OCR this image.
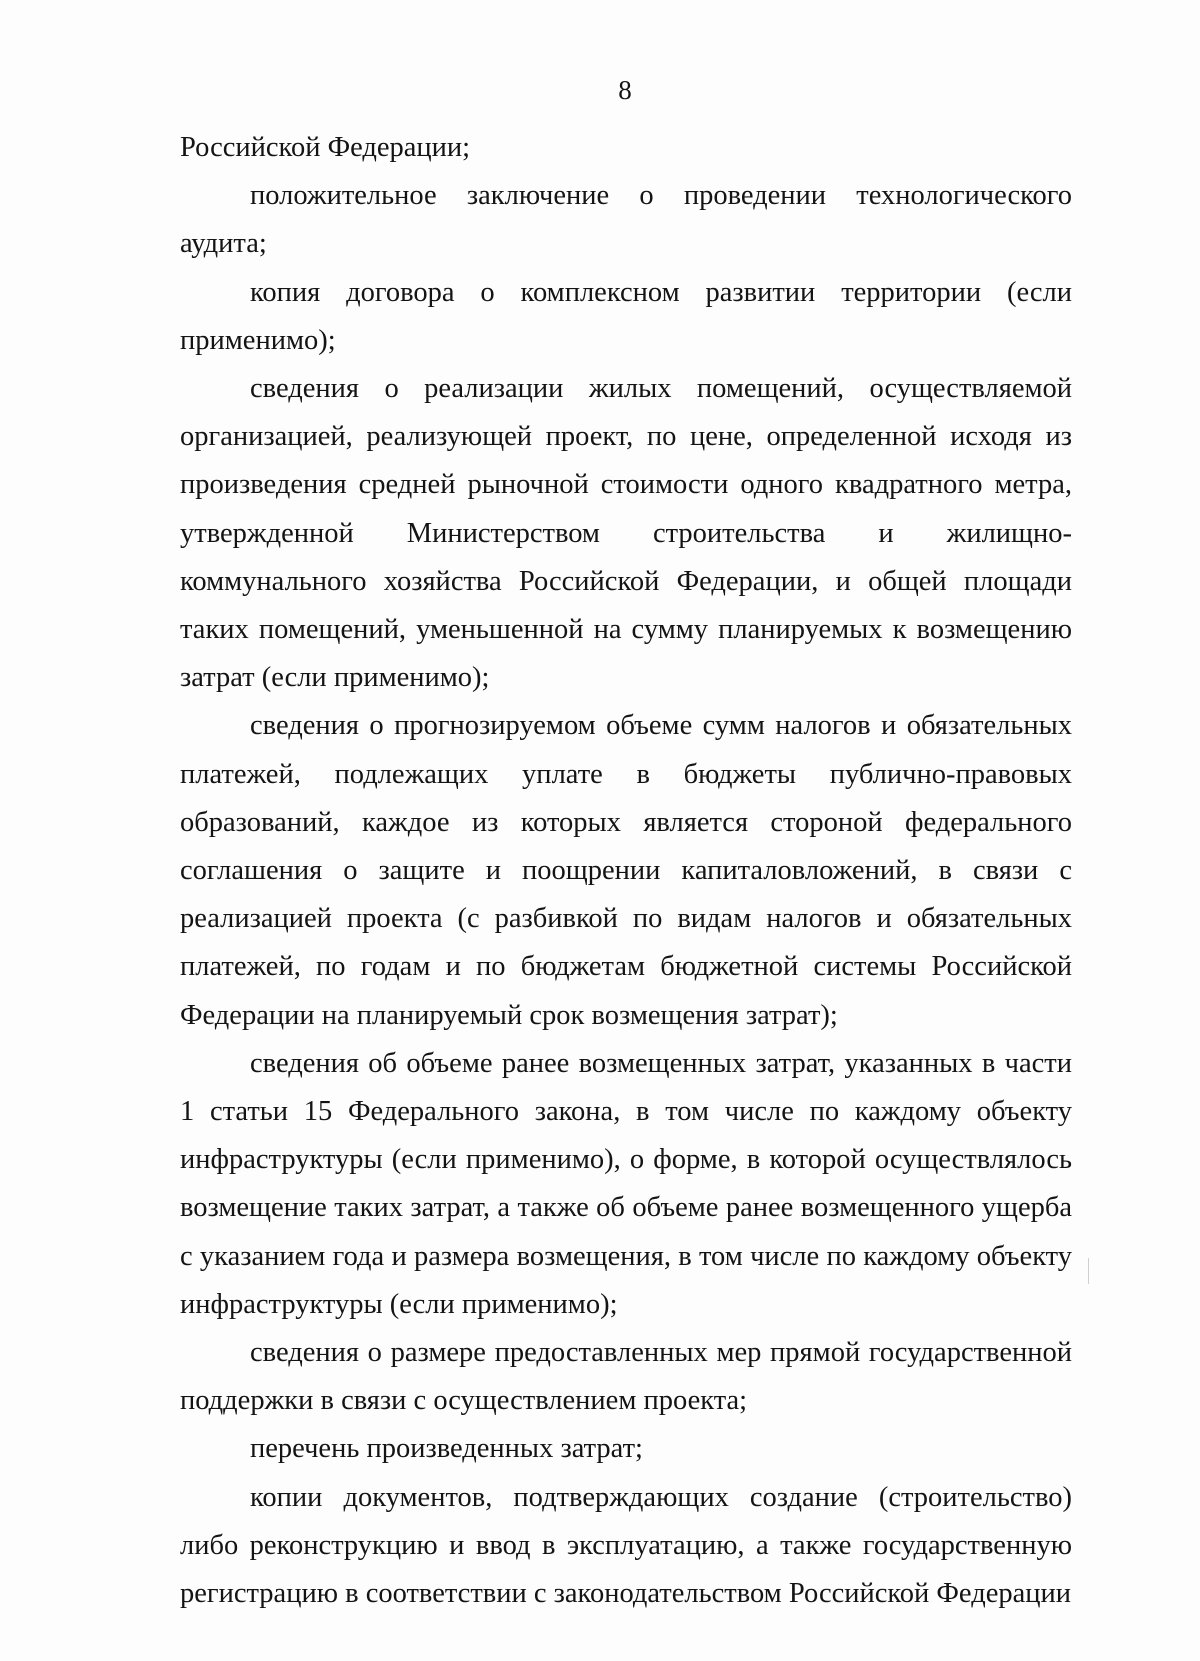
8

Российской Федерации;

положительное заключение о проведении технологического аудита;

копия договора о комплексном развитии территории (если применимо);

сведения о реализации жилых помещений, осуществляемой организацией, реализующей проект, по цене, определенной исходя из произведения средней рыночной стоимости одного квадратного метра, утвержденной Министерством строительства и жилищно-коммунального хозяйства Российской Федерации, и общей площади таких помещений, уменьшенной на сумму планируемых к возмещению затрат (если применимо);

сведения о прогнозируемом объеме сумм налогов и обязательных платежей, подлежащих уплате в бюджеты публично-правовых образований, каждое из которых является стороной федерального соглашения о защите и поощрении капиталовложений, в связи с реализацией проекта (с разбивкой по видам налогов и обязательных платежей, по годам и по бюджетам бюджетной системы Российской Федерации на планируемый срок возмещения затрат);

сведения об объеме ранее возмещенных затрат, указанных в части 1 статьи 15 Федерального закона, в том числе по каждому объекту инфраструктуры (если применимо), о форме, в которой осуществлялось возмещение таких затрат, а также об объеме ранее возмещенного ущерба с указанием года и размера возмещения, в том числе по каждому объекту инфраструктуры (если применимо);

сведения о размере предоставленных мер прямой государственной поддержки в связи с осуществлением проекта;

перечень произведенных затрат;

копии документов, подтверждающих создание (строительство) либо реконструкцию и ввод в эксплуатацию, а также государственную регистрацию в соответствии с законодательством Российской Федерации
